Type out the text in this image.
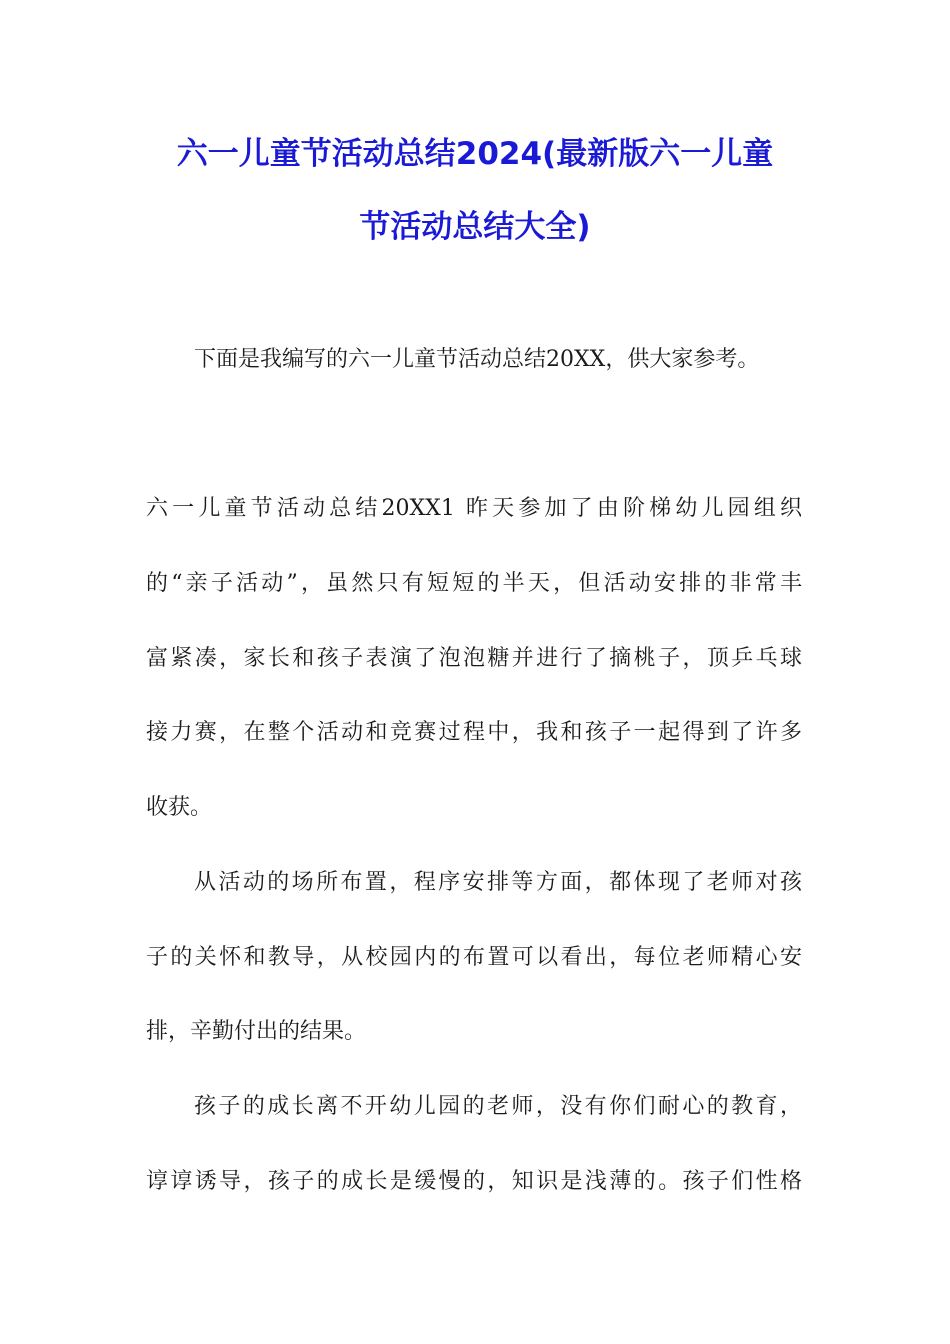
六一儿童节活动总结2024(最新版六一儿童
节活动总结大全)
下面是我编写的六一儿童节活动总结20XX，供大家参考。
六一儿童节活动总结20XX1 昨天参加了由阶梯幼儿园组织
的“亲子活动”，虽然只有短短的半天，但活动安排的非常丰
富紧凑，家长和孩子表演了泡泡糖并进行了摘桃子，顶乒乓球
接力赛，在整个活动和竞赛过程中，我和孩子一起得到了许多
收获。
从活动的场所布置，程序安排等方面，都体现了老师对孩
子的关怀和教导，从校园内的布置可以看出，每位老师精心安
排，辛勤付出的结果。
孩子的成长离不开幼儿园的老师，没有你们耐心的教育，
谆谆诱导，孩子的成长是缓慢的，知识是浅薄的。孩子们性格
